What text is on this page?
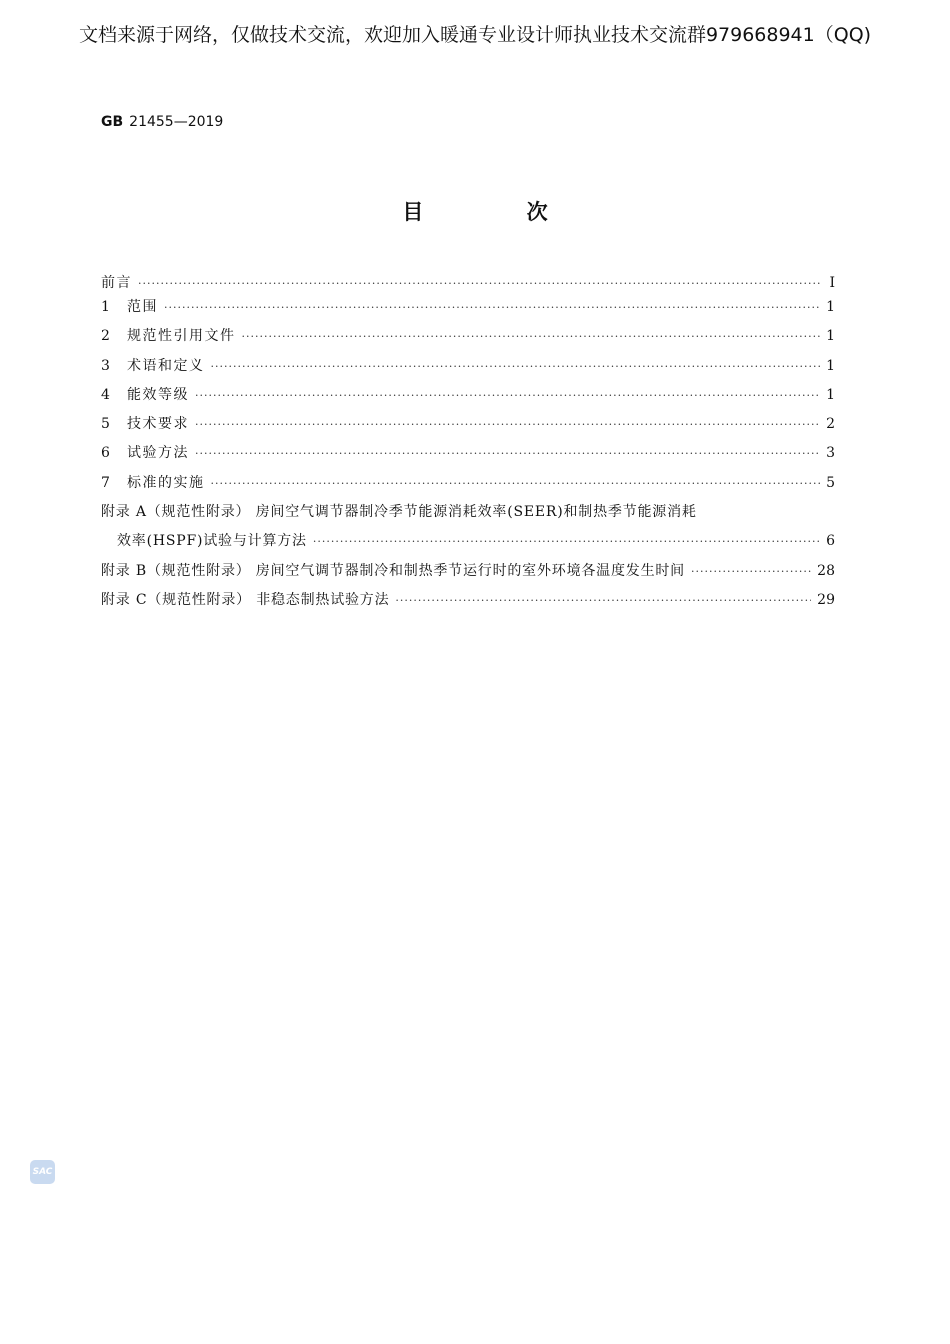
文档来源于网络，仅做技术交流，欢迎加入暖通专业设计师执业技术交流群979668941（QQ)
GB 21455—2019
目 次
前言 ·····	I
1	范围 ·····	1
2	规范性引用文件 ·····	1
3	术语和定义 ·····	1
4	能效等级 ·····	1
5	技术要求 ·····	2
6	试验方法 ·····	3
7	标准的实施 ·····	5
附录 A（规范性附录） 房间空气调节器制冷季节能源消耗效率(SEER)和制热季节能源消耗
效率(HSPF)试验与计算方法 ·····	6
附录 B（规范性附录） 房间空气调节器制冷和制热季节运行时的室外环境各温度发生时间 ·····	28
附录 C（规范性附录） 非稳态制热试验方法 ·····	29
SAC
